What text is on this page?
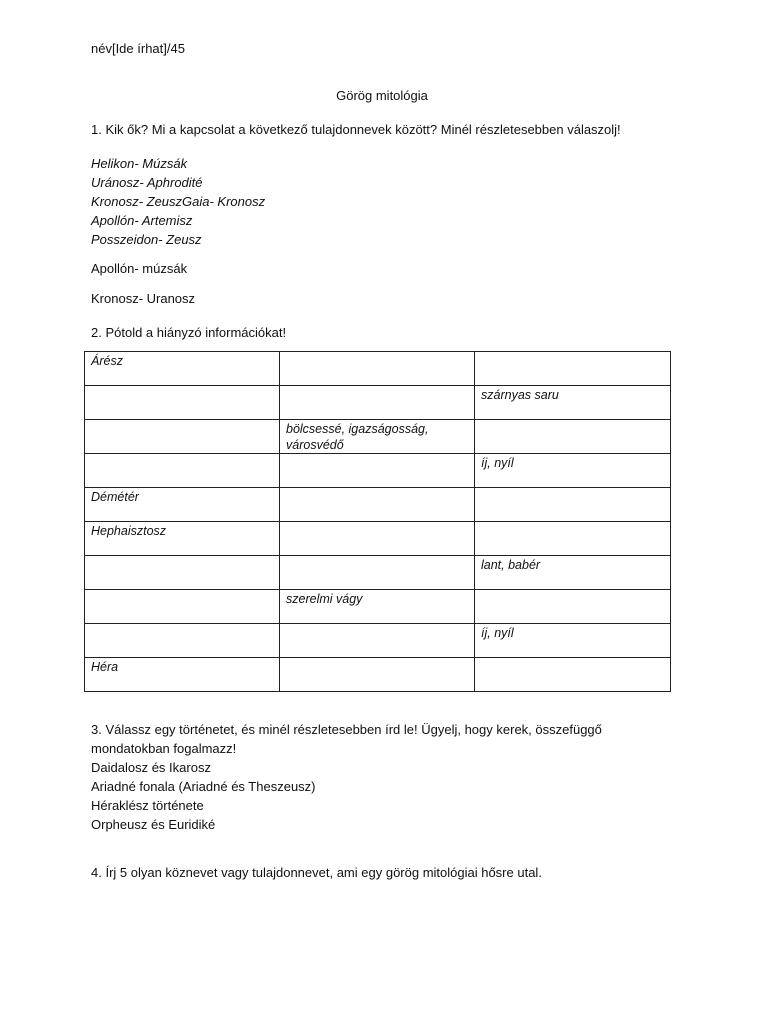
név[Ide írhat]/45

Görög mitológia

1. Kik ők? Mi a kapcsolat a következő tulajdonnevek között? Minél részletesebben válaszolj!

Helikon- Múzsák
Uránosz- Aphrodité
Kronosz- ZeuszGaia- Kronosz
Apollón- Artemisz
Posszeidon- Zeusz

Apollón- múzsák

Kronosz- Uranosz

2. Pótold a hiányzó információkat!

Árész		
		szárnyas saru
	bölcsessé, igazságosság, városvédő	
		íj, nyíl
Démétér		
Hephaisztosz		
		lant, babér
	szerelmi vágy	
		íj, nyíl
Héra		
3. Válassz egy történetet, és minél részletesebben írd le! Ügyelj, hogy kerek, összefüggő mondatokban fogalmazz!
Daidalosz és Ikarosz
Ariadné fonala (Ariadné és Theszeusz)
Héraklész története
Orpheusz és Euridiké

4. Írj 5 olyan köznevet vagy tulajdonnevet, ami egy görög mitológiai hősre utal.
